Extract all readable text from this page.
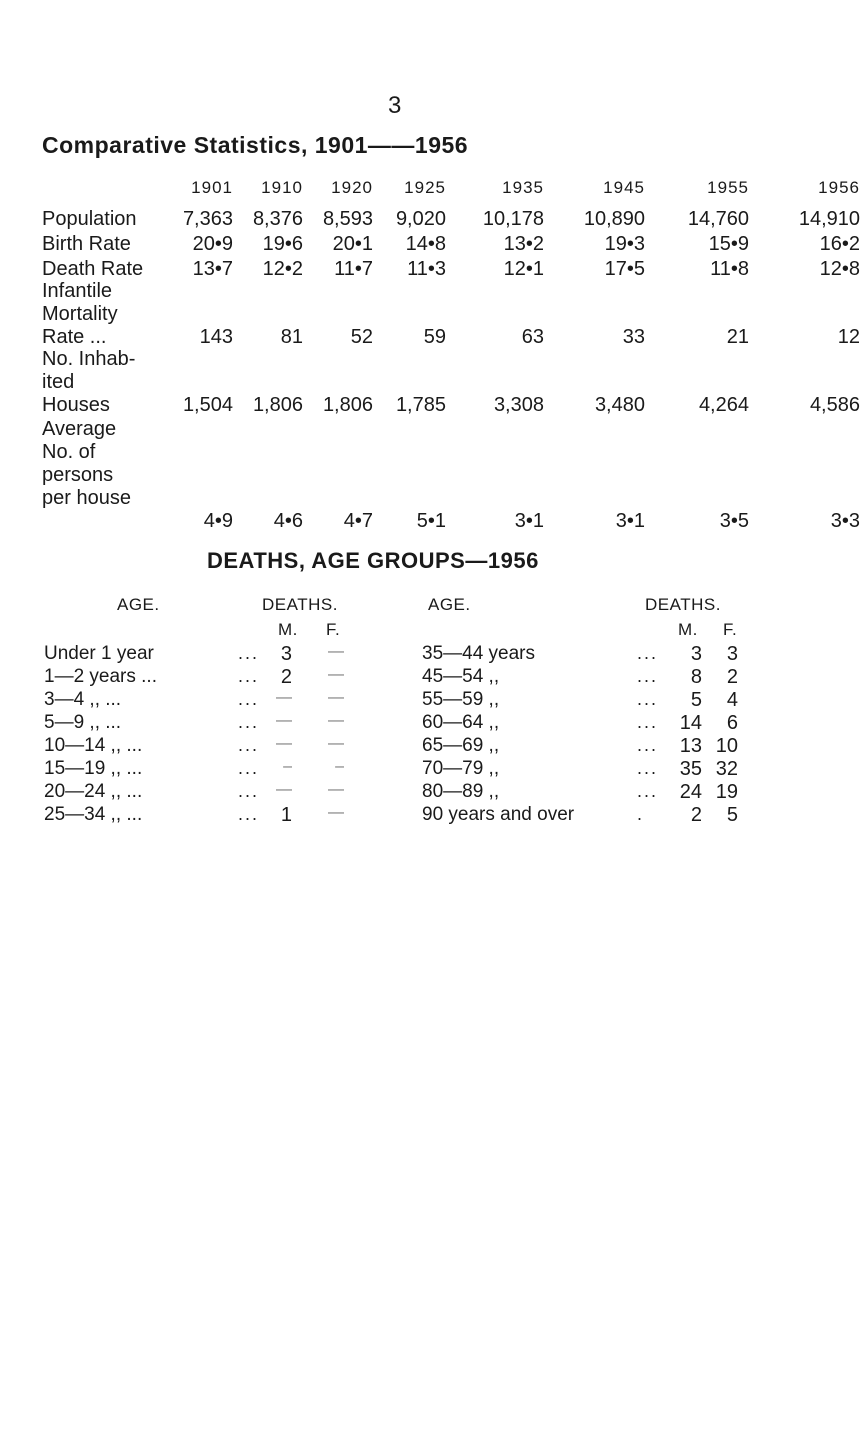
3
Comparative Statistics, 1901——1956
1901	1910	1920	1925	1935	1945	1955	1956
Population	7,363 8,376 8,593	9,020	10,178	10,890	14,760	14,910
Birth Rate	20•9	19•6	20•1	14•8	13•2	19•3	15•9	16•2
Death Rate	13•7	12•2	11•7	11•3	12•1	17•5	11•8	12•8
Infantile
Mortality
Rate ...	143	81	52	59	63	33	21	12
No. Inhab-
ited
Houses	1,504 1,806 1,806	1,785	3,308	3,480	4,264	4,586
Average
No. of
persons
per house
4•9	4•6	4•7	5•1	3•1	3•1	3•5	3•3
DEATHS, AGE GROUPS—1956
AGE.	DEATHS.	AGE.	DEATHS.
M. F.	M. F.
Under 1 year	...	3	—
1—2 years ...	...	2	—
3—4 ,, ...	...	—	—
5—9 ,, ...	...	—	—
10—14 ,, ...	...	—	—
15—19 ,, ...	...	–	–
20—24 ,, ...	...	—	—
25—34 ,, ...	...	1	—
35—44 years	...	3	3
45—54 ,,	...	8	2
55—59 ,,	...	5	4
60—64 ,,	...	14	6
65—69 ,,	...	13 10
70—79 ,,	...	35 32
80—89 ,,	...	24 19
90 years and over	.	2	5
